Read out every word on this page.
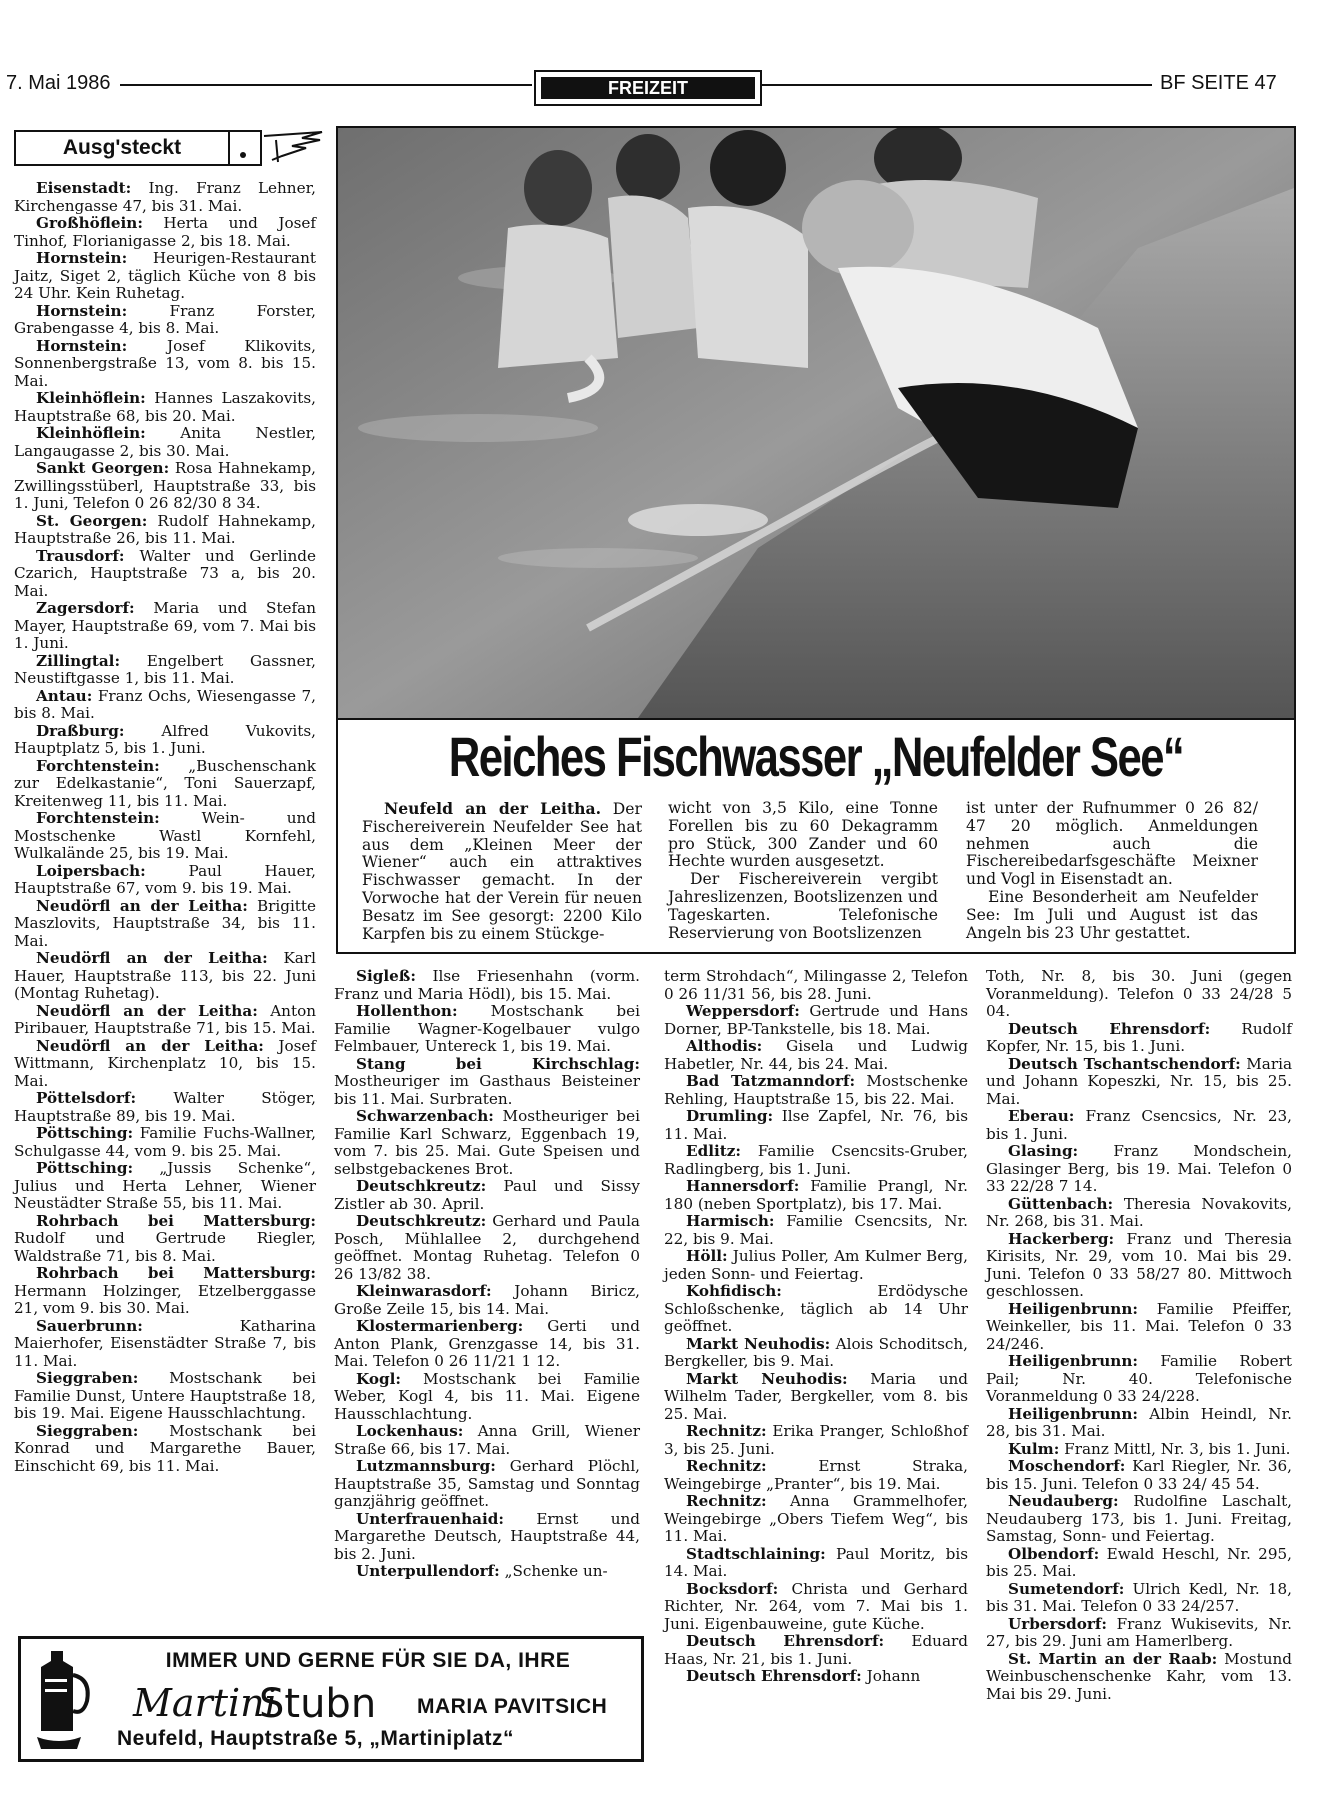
7. Mai 1986	FREIZEIT	BF SEITE 47
Ausg'steckt

Eisenstadt: Ing. Franz Lehner, Kirchengasse 47, bis 31. Mai.

Großhöflein: Herta und Josef Tinhof, Florianigasse 2, bis 18. Mai.

Hornstein: Heurigen-Restaurant Jaitz, Siget 2, täglich Küche von 8 bis 24 Uhr. Kein Ruhetag.

Hornstein: Franz Forster, Grabengasse 4, bis 8. Mai.

Hornstein: Josef Klikovits, Sonnenbergstraße 13, vom 8. bis 15. Mai.

Kleinhöflein: Hannes Laszakovits, Hauptstraße 68, bis 20. Mai.

Kleinhöflein: Anita Nestler, Langaugasse 2, bis 30. Mai.

Sankt Georgen: Rosa Hahnekamp, Zwillingsstüberl, Hauptstraße 33, bis 1. Juni, Telefon 0 26 82/30 8 34.

St. Georgen: Rudolf Hahnekamp, Hauptstraße 26, bis 11. Mai.

Trausdorf: Walter und Gerlinde Czarich, Hauptstraße 73 a, bis 20. Mai.

Zagersdorf: Maria und Stefan Mayer, Hauptstraße 69, vom 7. Mai bis 1. Juni.

Zillingtal: Engelbert Gassner, Neustiftgasse 1, bis 11. Mai.

Antau: Franz Ochs, Wiesengasse 7, bis 8. Mai.

Draßburg: Alfred Vukovits, Hauptplatz 5, bis 1. Juni.

Forchtenstein: „Buschenschank zur Edelkastanie“, Toni Sauerzapf, Kreitenweg 11, bis 11. Mai.

Forchtenstein: Wein- und Mostschenke Wastl Kornfehl, Wulkalände 25, bis 19. Mai.

Loipersbach: Paul Hauer, Hauptstraße 67, vom 9. bis 19. Mai.

Neudörfl an der Leitha: Brigitte Maszlovits, Hauptstraße 34, bis 11. Mai.

Neudörfl an der Leitha: Karl Hauer, Hauptstraße 113, bis 22. Juni (Montag Ruhetag).

Neudörfl an der Leitha: Anton Piribauer, Hauptstraße 71, bis 15. Mai.

Neudörfl an der Leitha: Josef Wittmann, Kirchenplatz 10, bis 15. Mai.

Pöttelsdorf: Walter Stöger, Hauptstraße 89, bis 19. Mai.

Pöttsching: Familie Fuchs-Wallner, Schulgasse 44, vom 9. bis 25. Mai.

Pöttsching: „Jussis Schenke“, Julius und Herta Lehner, Wiener Neustädter Straße 55, bis 11. Mai.

Rohrbach bei Mattersburg: Rudolf und Gertrude Riegler, Waldstraße 71, bis 8. Mai.

Rohrbach bei Mattersburg: Hermann Holzinger, Etzelberggasse 21, vom 9. bis 30. Mai.

Sauerbrunn: Katharina Maierhofer, Eisenstädter Straße 7, bis 11. Mai.

Sieggraben: Mostschank bei Familie Dunst, Untere Hauptstraße 18, bis 19. Mai. Eigene Hausschlachtung.

Sieggraben: Mostschank bei Konrad und Margarethe Bauer, Einschicht 69, bis 11. Mai.

Reiches Fischwasser „Neufelder See“

Neufeld an der Leitha. Der Fischereiverein Neufelder See hat aus dem „Kleinen Meer der Wiener“ auch ein attraktives Fischwasser gemacht. In der Vorwoche hat der Verein für neuen Besatz im See gesorgt: 2200 Kilo Karpfen bis zu einem Stückge-

wicht von 3,5 Kilo, eine Tonne Forellen bis zu 60 Dekagramm pro Stück, 300 Zander und 60 Hechte wurden ausgesetzt.

Der Fischereiverein vergibt Jahreslizenzen, Bootslizenzen und Tageskarten. Telefonische Reservierung von Bootslizenzen

ist unter der Rufnummer 0 26 82/ 47 20 möglich. Anmeldungen nehmen auch die Fischereibedarfsgeschäfte Meixner und Vogl in Eisenstadt an.

Eine Besonderheit am Neufelder See: Im Juli und August ist das Angeln bis 23 Uhr gestattet.

Sigleß: Ilse Friesenhahn (vorm. Franz und Maria Hödl), bis 15. Mai.

Hollenthon: Mostschank bei Familie Wagner-Kogelbauer vulgo Felmbauer, Untereck 1, bis 19. Mai.

Stang bei Kirchschlag: Mostheuriger im Gasthaus Beisteiner bis 11. Mai. Surbraten.

Schwarzenbach: Mostheuriger bei Familie Karl Schwarz, Eggenbach 19, vom 7. bis 25. Mai. Gute Speisen und selbstgebackenes Brot.

Deutschkreutz: Paul und Sissy Zistler ab 30. April.

Deutschkreutz: Gerhard und Paula Posch, Mühlallee 2, durchgehend geöffnet. Montag Ruhetag. Telefon 0 26 13/82 38.

Kleinwarasdorf: Johann Biricz, Große Zeile 15, bis 14. Mai.

Klostermarienberg: Gerti und Anton Plank, Grenzgasse 14, bis 31. Mai. Telefon 0 26 11/21 1 12.

Kogl: Mostschank bei Familie Weber, Kogl 4, bis 11. Mai. Eigene Hausschlachtung.

Lockenhaus: Anna Grill, Wiener Straße 66, bis 17. Mai.

Lutzmannsburg: Gerhard Plöchl, Hauptstraße 35, Samstag und Sonntag ganzjährig geöffnet.

Unterfrauenhaid: Ernst und Margarethe Deutsch, Hauptstraße 44, bis 2. Juni.

Unterpullendorf: „Schenke un-

term Strohdach“, Milingasse 2, Telefon 0 26 11/31 56, bis 28. Juni.

Weppersdorf: Gertrude und Hans Dorner, BP-Tankstelle, bis 18. Mai.

Althodis: Gisela und Ludwig Habetler, Nr. 44, bis 24. Mai.

Bad Tatzmanndorf: Mostschenke Rehling, Hauptstraße 15, bis 22. Mai.

Drumling: Ilse Zapfel, Nr. 76, bis 11. Mai.

Edlitz: Familie Csencsits-Gruber, Radlingberg, bis 1. Juni.

Hannersdorf: Familie Prangl, Nr. 180 (neben Sportplatz), bis 17. Mai.

Harmisch: Familie Csencsits, Nr. 22, bis 9. Mai.

Höll: Julius Poller, Am Kulmer Berg, jeden Sonn- und Feiertag.

Kohfidisch: Erdödysche Schloßschenke, täglich ab 14 Uhr geöffnet.

Markt Neuhodis: Alois Schoditsch, Bergkeller, bis 9. Mai.

Markt Neuhodis: Maria und Wilhelm Tader, Bergkeller, vom 8. bis 25. Mai.

Rechnitz: Erika Pranger, Schloßhof 3, bis 25. Juni.

Rechnitz: Ernst Straka, Weingebirge „Pranter“, bis 19. Mai.

Rechnitz: Anna Grammelhofer, Weingebirge „Obers Tiefem Weg“, bis 11. Mai.

Stadtschlaining: Paul Moritz, bis 14. Mai.

Bocksdorf: Christa und Gerhard Richter, Nr. 264, vom 7. Mai bis 1. Juni. Eigenbauweine, gute Küche.

Deutsch Ehrensdorf: Eduard Haas, Nr. 21, bis 1. Juni.

Deutsch Ehrensdorf: Johann

Toth, Nr. 8, bis 30. Juni (gegen Voranmeldung). Telefon 0 33 24/28 5 04.

Deutsch Ehrensdorf: Rudolf Kopfer, Nr. 15, bis 1. Juni.

Deutsch Tschantschendorf: Maria und Johann Kopeszki, Nr. 15, bis 25. Mai.

Eberau: Franz Csencsics, Nr. 23, bis 1. Juni.

Glasing: Franz Mondschein, Glasinger Berg, bis 19. Mai. Telefon 0 33 22/28 7 14.

Güttenbach: Theresia Novakovits, Nr. 268, bis 31. Mai.

Hackerberg: Franz und Theresia Kirisits, Nr. 29, vom 10. Mai bis 29. Juni. Telefon 0 33 58/27 80. Mittwoch geschlossen.

Heiligenbrunn: Familie Pfeiffer, Weinkeller, bis 11. Mai. Telefon 0 33 24/246.

Heiligenbrunn: Familie Robert Pail; Nr. 40. Telefonische Voranmeldung 0 33 24/228.

Heiligenbrunn: Albin Heindl, Nr. 28, bis 31. Mai.

Kulm: Franz Mittl, Nr. 3, bis 1. Juni.

Moschendorf: Karl Riegler, Nr. 36, bis 15. Juni. Telefon 0 33 24/ 45 54.

Neudauberg: Rudolfine Laschalt, Neudauberg 173, bis 1. Juni. Freitag, Samstag, Sonn- und Feiertag.

Olbendorf: Ewald Heschl, Nr. 295, bis 25. Mai.

Sumetendorf: Ulrich Kedl, Nr. 18, bis 31. Mai. Telefon 0 33 24/257.

Urbersdorf: Franz Wukisevits, Nr. 27, bis 29. Juni am Hamerlberg.

St. Martin an der Raab: Mostund Weinbuschenschenke Kahr, vom 13. Mai bis 29. Juni.

IMMER UND GERNE FÜR SIE DA, IHRE
Martini
Stubn MARIA PAVITSICH
Neufeld, Hauptstraße 5, „Martiniplatz“
